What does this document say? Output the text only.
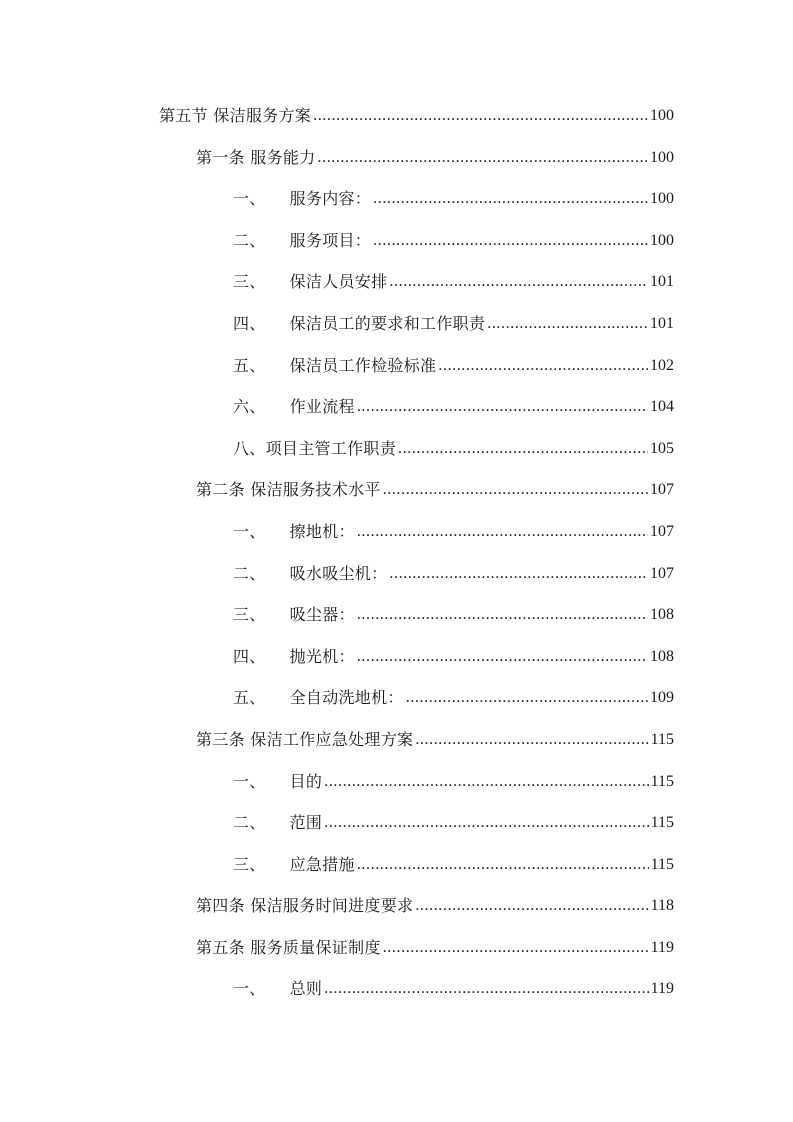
第五节 保洁服务方案 .....	100
第一条 服务能力 .....	100
一、 服务内容： .....	100
二、 服务项目： .....	100
三、 保洁人员安排 .....	101
四、 保洁员工的要求和工作职责 .....	101
五、 保洁员工作检验标准 .....	102
六、 作业流程 .....	104
八、项目主管工作职责 .....	105
第二条 保洁服务技术水平 .....	107
一、 擦地机： .....	107
二、 吸水吸尘机： .....	107
三、 吸尘器： .....	108
四、 抛光机： .....	108
五、 全自动洗地机： .....	109
第三条 保洁工作应急处理方案 .....	115
一、 目的 .....	115
二、 范围 .....	115
三、 应急措施 .....	115
第四条 保洁服务时间进度要求 .....	118
第五条 服务质量保证制度 .....	119
一、 总则 .....	119
